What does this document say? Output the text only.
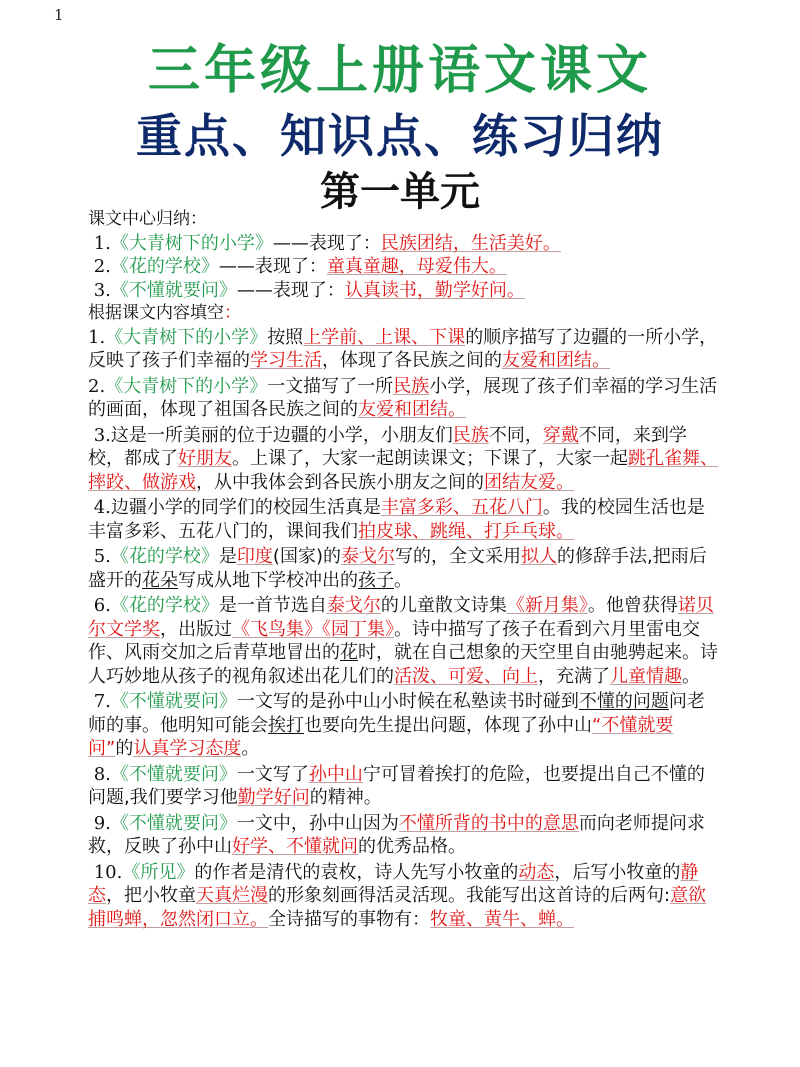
1
三年级上册语文课文
重点、知识点、练习归纳
第一单元
课文中心归纳：
1.《大青树下的小学》——表现了：民族团结，生活美好。
2.《花的学校》——表现了：童真童趣，母爱伟大。
3.《不懂就要问》——表现了：认真读书，勤学好问。
根据课文内容填空：
1.《大青树下的小学》按照上学前、上课、下课的顺序描写了边疆的一所小学，反映了孩子们幸福的学习生活，体现了各民族之间的友爱和团结。
2.《大青树下的小学》一文描写了一所民族小学，展现了孩子们幸福的学习生活的画面，体现了祖国各民族之间的友爱和团结。
3.这是一所美丽的位于边疆的小学，小朋友们民族不同，穿戴不同，来到学校，都成了好朋友。上课了，大家一起朗读课文；下课了，大家一起跳孔雀舞、摔跤、做游戏，从中我体会到各民族小朋友之间的团结友爱。
4.边疆小学的同学们的校园生活真是丰富多彩、五花八门。我的校园生活也是丰富多彩、五花八门的，课间我们拍皮球、跳绳、打乒乓球。
5.《花的学校》是印度(国家)的泰戈尔写的，全文采用拟人的修辞手法,把雨后盛开的花朵写成从地下学校冲出的孩子。
6.《花的学校》是一首节选自泰戈尔的儿童散文诗集《新月集》。他曾获得诺贝尔文学奖，出版过《飞鸟集》《园丁集》。诗中描写了孩子在看到六月里雷电交作、风雨交加之后青草地冒出的花时，就在自己想象的天空里自由驰骋起来。诗人巧妙地从孩子的视角叙述出花儿们的活泼、可爱、向上，充满了儿童情趣。
7.《不懂就要问》一文写的是孙中山小时候在私塾读书时碰到不懂的问题问老师的事。他明知可能会挨打也要向先生提出问题，体现了孙中山“不懂就要问”的认真学习态度。
8.《不懂就要问》一文写了孙中山宁可冒着挨打的危险，也要提出自己不懂的问题,我们要学习他勤学好问的精神。
9.《不懂就要问》一文中，孙中山因为不懂所背的书中的意思而向老师提问求救，反映了孙中山好学、不懂就问的优秀品格。
10.《所见》的作者是清代的袁枚，诗人先写小牧童的动态，后写小牧童的静态，把小牧童天真烂漫的形象刻画得活灵活现。我能写出这首诗的后两句:意欲捕鸣蝉，忽然闭口立。全诗描写的事物有：牧童、黄牛、蝉。
